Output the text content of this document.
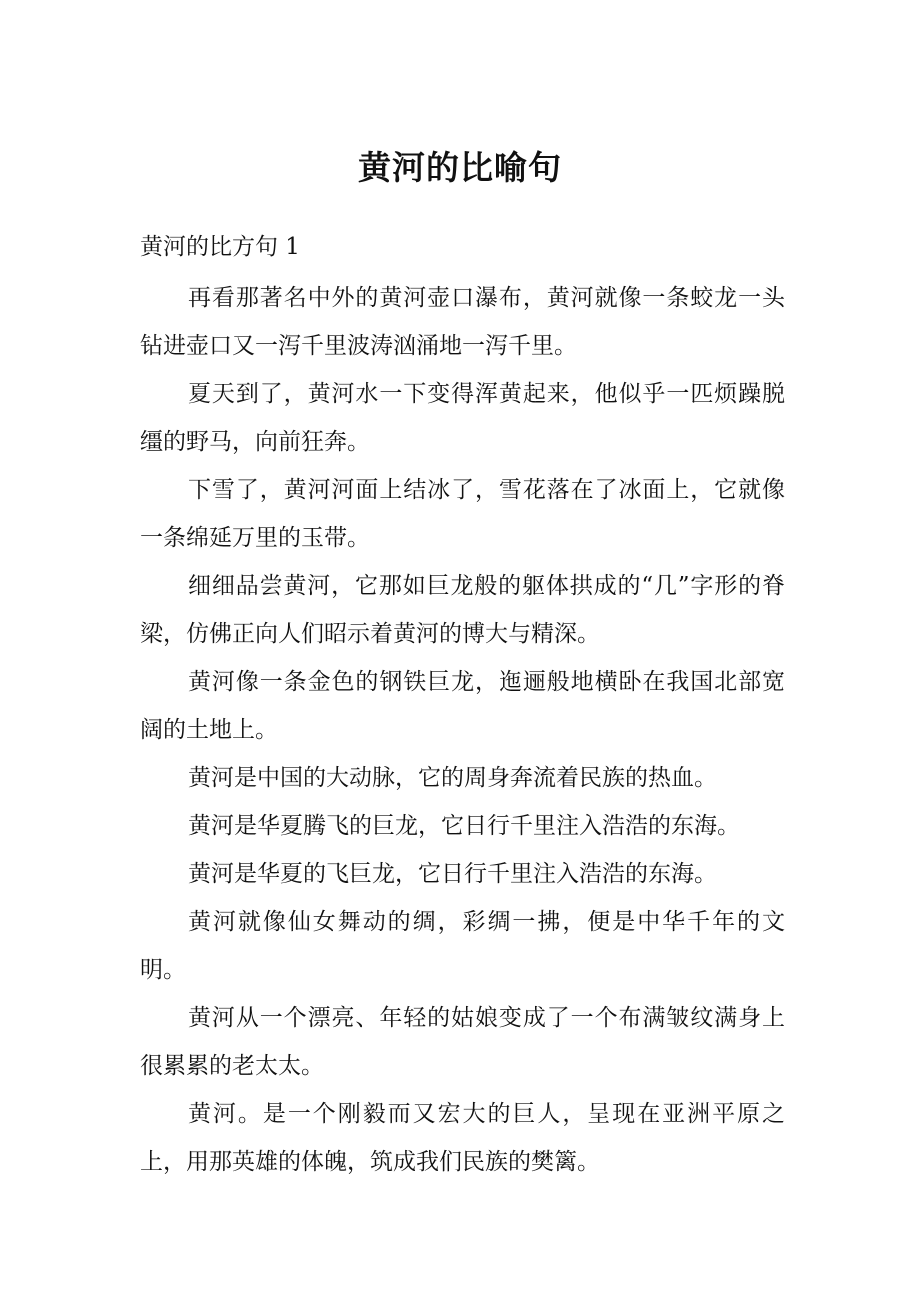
黄河的比喻句
黄河的比方句 1

再看那著名中外的黄河壶口瀑布，黄河就像一条蛟龙一头钻进壶口又一泻千里波涛汹涌地一泻千里。

夏天到了，黄河水一下变得浑黄起来，他似乎一匹烦躁脱缰的野马，向前狂奔。

下雪了，黄河河面上结冰了，雪花落在了冰面上，它就像一条绵延万里的玉带。

细细品尝黄河，它那如巨龙般的躯体拱成的“几”字形的脊梁，仿佛正向人们昭示着黄河的博大与精深。

黄河像一条金色的钢铁巨龙，迤逦般地横卧在我国北部宽阔的土地上。

黄河是中国的大动脉，它的周身奔流着民族的热血。

黄河是华夏腾飞的巨龙，它日行千里注入浩浩的东海。

黄河是华夏的飞巨龙，它日行千里注入浩浩的东海。

黄河就像仙女舞动的绸，彩绸一拂，便是中华千年的文明。

黄河从一个漂亮、年轻的姑娘变成了一个布满皱纹满身上很累累的老太太。

黄河。是一个刚毅而又宏大的巨人，呈现在亚洲平原之上，用那英雄的体魄，筑成我们民族的樊篱。
